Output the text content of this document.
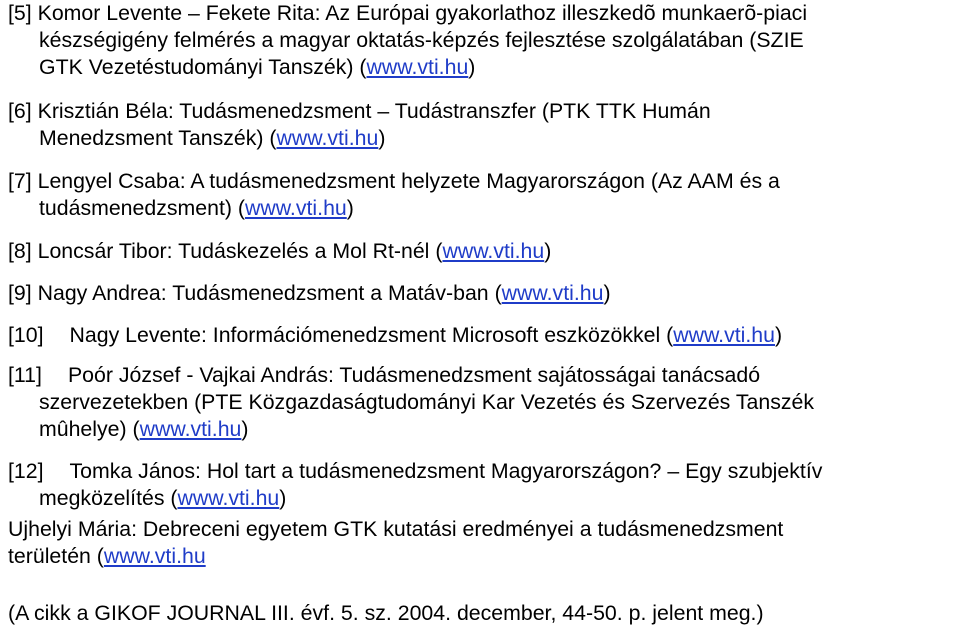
[5] Komor Levente – Fekete Rita: Az Európai gyakorlathoz illeszkedõ munkaerõ-piaci
készségigény felmérés a magyar oktatás-képzés fejlesztése szolgálatában (SZIE
GTK Vezetéstudományi Tanszék) (www.vti.hu)
[6] Krisztián Béla: Tudásmenedzsment – Tudástranszfer (PTK TTK Humán
Menedzsment Tanszék) (www.vti.hu)
[7] Lengyel Csaba: A tudásmenedzsment helyzete Magyarországon (Az AAM és a
tudásmenedzsment) (www.vti.hu)
[8] Loncsár Tibor: Tudáskezelés a Mol Rt-nél (www.vti.hu)
[9] Nagy Andrea: Tudásmenedzsment a Matáv-ban (www.vti.hu)
[10] Nagy Levente: Információmenedzsment Microsoft eszközökkel (www.vti.hu)
[11] Poór József - Vajkai András: Tudásmenedzsment sajátosságai tanácsadó
szervezetekben (PTE Közgazdaságtudományi Kar Vezetés és Szervezés Tanszék
mûhelye) (www.vti.hu)
[12] Tomka János: Hol tart a tudásmenedzsment Magyarországon? – Egy szubjektív
megközelítés (www.vti.hu)
Ujhelyi Mária: Debreceni egyetem GTK kutatási eredményei a tudásmenedzsment
területén (www.vti.hu
(A cikk a GIKOF JOURNAL III. évf. 5. sz. 2004. december, 44-50. p. jelent meg.)
